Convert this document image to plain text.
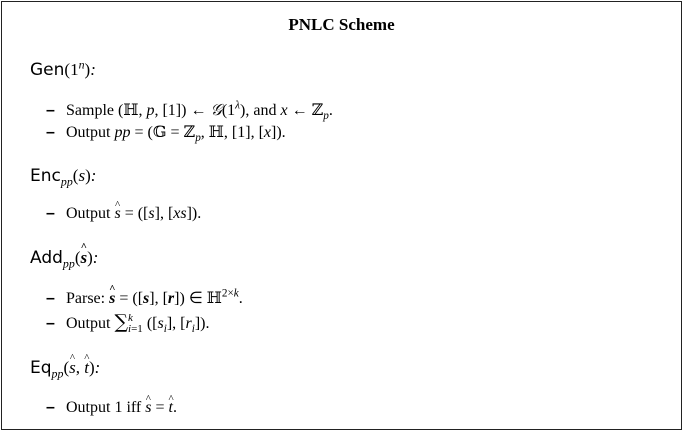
PNLC Scheme
Gen(1$^n$):
– Sample (ℍ, p, [1]) ← $𝒢(1^\lambda)$, and x ← ℤ$_p$.
– Output pp = (𝔾 = ℤ$_p$, ℍ, [1], [x]).
Enc$_{pp}$(s):
– Output ^ s = ([s], [xs]).
Add$_{pp}$(^ s):
– Parse: ^ s = ([s], [r]) ∈ ℍ$^{2\times k}$.
– Output ∑ k
i=1 ($[s_i]$, $[r_i]$).
$Eq_{pp}(\^{}$ s, ^ t):
– Output 1 iff ^ s = ^ t.
